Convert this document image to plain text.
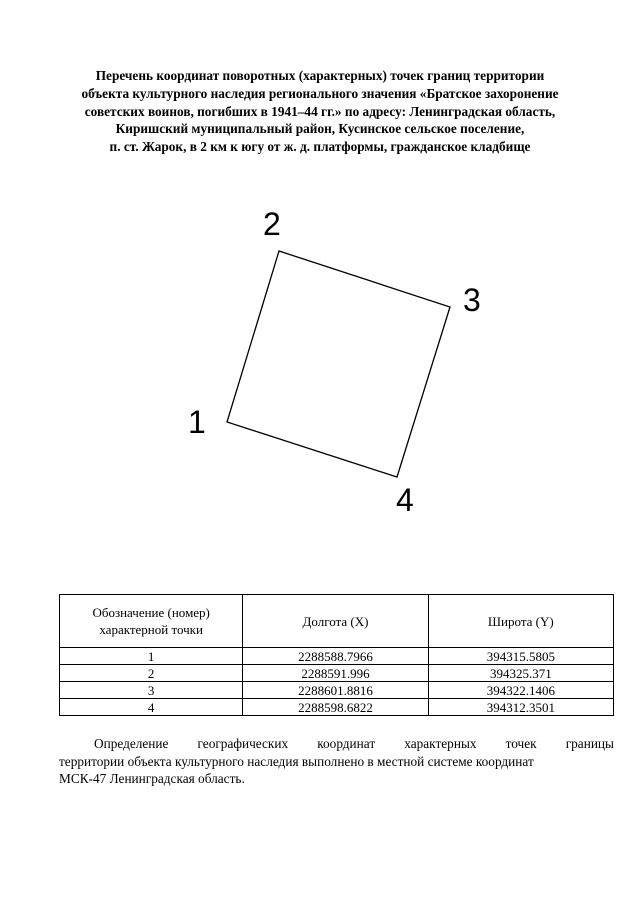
Перечень координат поворотных (характерных) точек границ территории
объекта культурного наследия регионального значения «Братское захоронение
советских воинов, погибших в 1941–44 гг.» по адресу: Ленинградская область,
Киришский муниципальный район, Кусинское сельское поселение,
п. ст. Жарок, в 2 км к югу от ж. д. платформы, гражданское кладбище
1
2
3
4
Обозначение (номер)
характерной точки	Долгота (X)	Широта (Y)
1	2288588.7966	394315.5805
2	2288591.996	394325.371
3	2288601.8816	394322.1406
4	2288598.6822	394312.3501
Определение географических координат характерных точек границы
территории объекта культурного наследия выполнено в местной системе координат
МСК-47 Ленинградская область.
